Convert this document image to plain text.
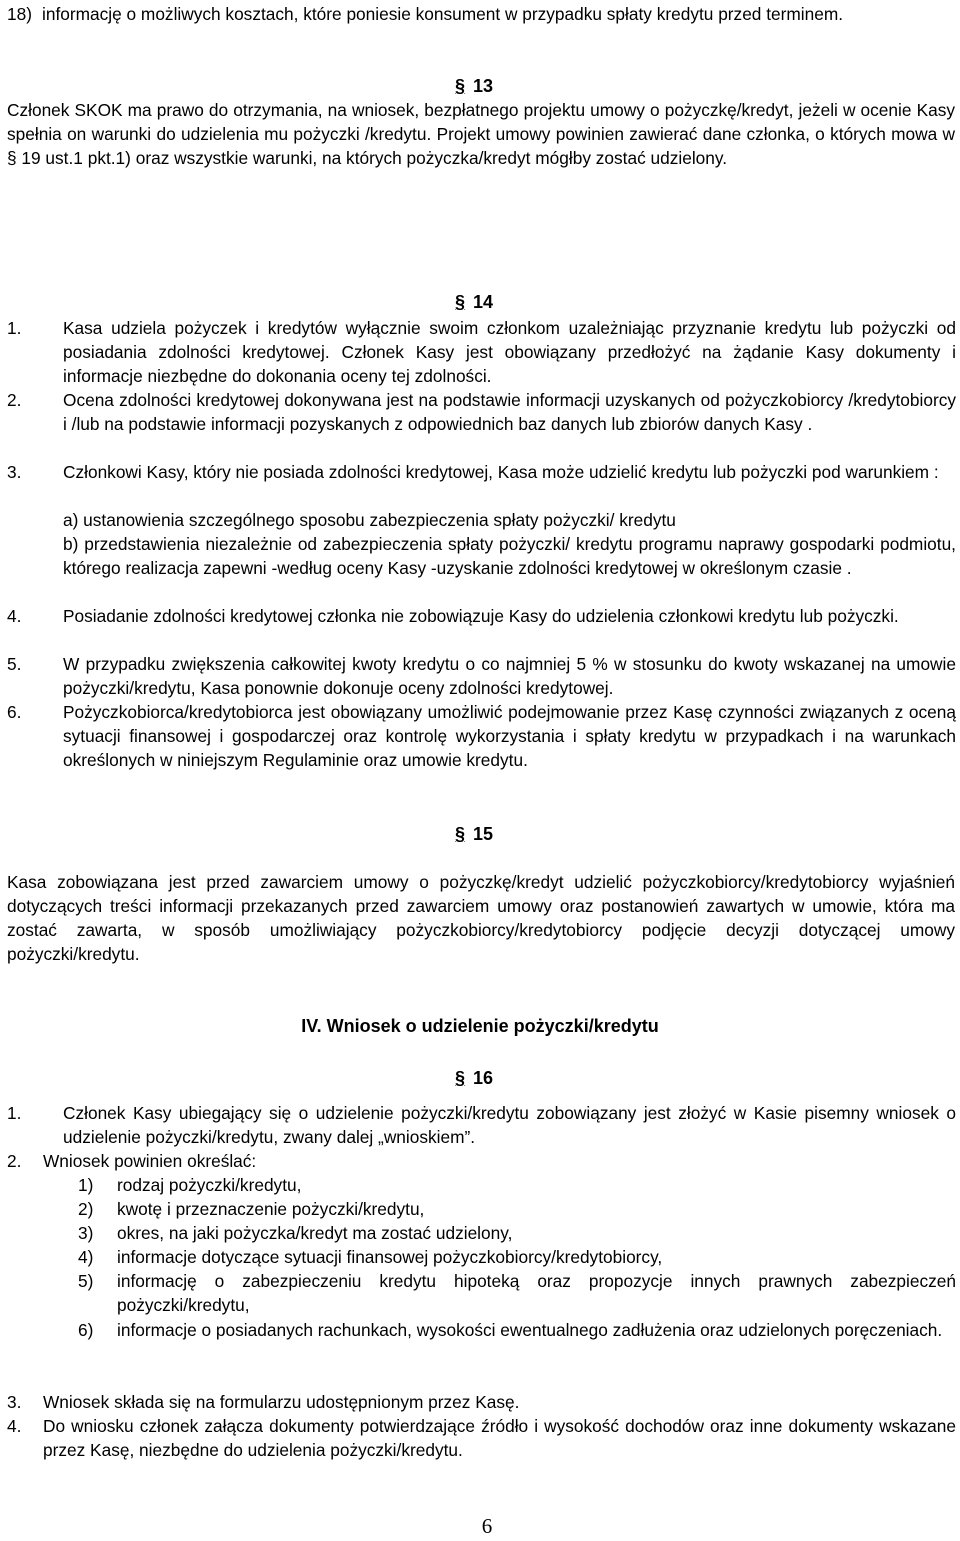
18) informację o możliwych kosztach, które poniesie konsument w przypadku spłaty kredytu przed terminem.

§ 13

Członek SKOK ma prawo do otrzymania, na wniosek, bezpłatnego projektu umowy o pożyczkę/kredyt, jeżeli w ocenie Kasy spełnia on warunki do udzielenia mu pożyczki /kredytu. Projekt umowy powinien zawierać dane członka, o których mowa w § 19 ust.1 pkt.1) oraz wszystkie warunki, na których pożyczka/kredyt mógłby zostać udzielony.

§ 14

1. Kasa udziela pożyczek i kredytów wyłącznie swoim członkom uzależniając przyznanie kredytu lub pożyczki od posiadania zdolności kredytowej. Członek Kasy jest obowiązany przedłożyć na żądanie Kasy dokumenty i informacje niezbędne do dokonania oceny tej zdolności.

2. Ocena zdolności kredytowej dokonywana jest na podstawie informacji uzyskanych od pożyczkobiorcy /kredytobiorcy i /lub na podstawie informacji pozyskanych z odpowiednich baz danych lub zbiorów danych Kasy .

3. Członkowi Kasy, który nie posiada zdolności kredytowej, Kasa może udzielić kredytu lub pożyczki pod warunkiem :

a) ustanowienia szczególnego sposobu zabezpieczenia spłaty pożyczki/ kredytu

b) przedstawienia niezależnie od zabezpieczenia spłaty pożyczki/ kredytu programu naprawy gospodarki podmiotu, którego realizacja zapewni -według oceny Kasy -uzyskanie zdolności kredytowej w określonym czasie .

4. Posiadanie zdolności kredytowej członka nie zobowiązuje Kasy do udzielenia członkowi kredytu lub pożyczki.

5. W przypadku zwiększenia całkowitej kwoty kredytu o co najmniej 5 % w stosunku do kwoty wskazanej na umowie pożyczki/kredytu, Kasa ponownie dokonuje oceny zdolności kredytowej.

6. Pożyczkobiorca/kredytobiorca jest obowiązany umożliwić podejmowanie przez Kasę czynności związanych z oceną sytuacji finansowej i gospodarczej oraz kontrolę wykorzystania i spłaty kredytu w przypadkach i na warunkach określonych w niniejszym Regulaminie oraz umowie kredytu.

§ 15

Kasa zobowiązana jest przed zawarciem umowy o pożyczkę/kredyt udzielić pożyczkobiorcy/kredytobiorcy wyjaśnień dotyczących treści informacji przekazanych przed zawarciem umowy oraz postanowień zawartych w umowie, która ma zostać zawarta, w sposób umożliwiający pożyczkobiorcy/kredytobiorcy podjęcie decyzji dotyczącej umowy pożyczki/kredytu.

IV. Wniosek o udzielenie pożyczki/kredytu

§ 16

1. Członek Kasy ubiegający się o udzielenie pożyczki/kredytu zobowiązany jest złożyć w Kasie pisemny wniosek o udzielenie pożyczki/kredytu, zwany dalej „wnioskiem”.

2. Wniosek powinien określać:

1) rodzaj pożyczki/kredytu,

2) kwotę i przeznaczenie pożyczki/kredytu,

3) okres, na jaki pożyczka/kredyt ma zostać udzielony,

4) informacje dotyczące sytuacji finansowej pożyczkobiorcy/kredytobiorcy,

5) informację o zabezpieczeniu kredytu hipoteką oraz propozycje innych prawnych zabezpieczeń pożyczki/kredytu,

6) informacje o posiadanych rachunkach, wysokości ewentualnego zadłużenia oraz udzielonych poręczeniach.

3. Wniosek składa się na formularzu udostępnionym przez Kasę.

4. Do wniosku członek załącza dokumenty potwierdzające źródło i wysokość dochodów oraz inne dokumenty wskazane przez Kasę, niezbędne do udzielenia pożyczki/kredytu.

6
